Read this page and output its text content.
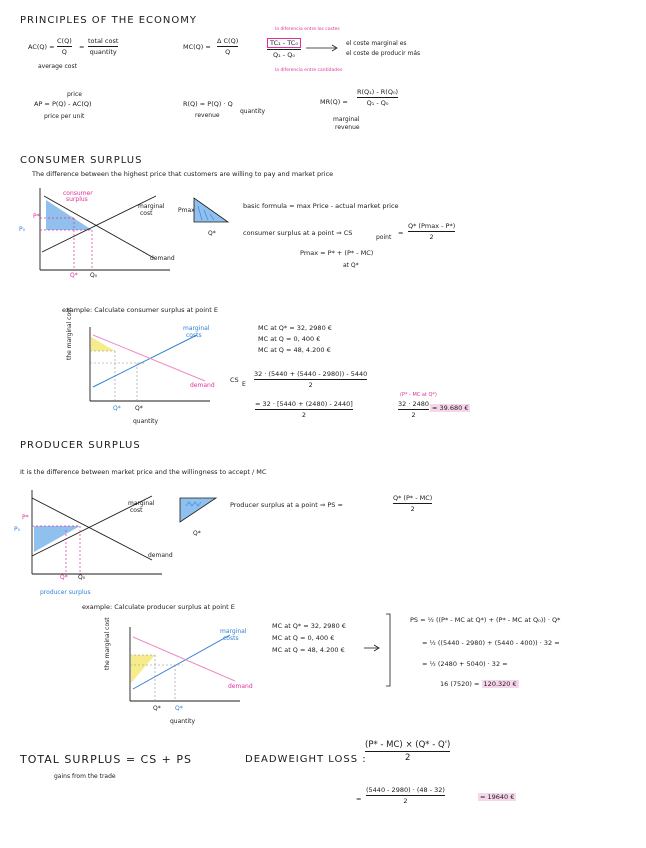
PRINCIPLES OF THE ECONOMY
AC(Q) =
C(Q)
Q
=
total cost
quantity
average cost
MC(Q) =
Δ C(Q)
Q
la diferencia entre los costes
$\frac{\text{TC₁ - TC₀}}{\text{Q₁ - Q₀}}$
la diferencia entre cantidades
el coste marginal es
el coste de producir más
price
AP = P(Q) - AC(Q)
price per unit
R(Q) = P(Q) · Q
revenue
quantity
MR(Q) =
R(Q₁) - R(Q₀)
Q₁ - Q₀
marginal
revenue
CONSUMER SURPLUS
The difference between the highest price that customers are willing to pay and market price
consumer
surplus
marginal
cost
demand
P*
P₀
Q* Q₀
Pmax
Q*
basic formula = max Price - actual market price
consumer surplus at a point ⇒ CS
point
=
Q* (Pmax - P*)
2
Pmax = P* + (P* - MC)
at Q*
example: Calculate consumer surplus at point E
the marginal cost	marginal
costs
demand
Q* Q*
quantity
MC at Q* = 32, 2980 €
MC at Q = 0, 400 €
MC at Q = 48, 4.200 €
CS
E
32 · (5440 + (5440 - 2980)) - 5440
2
(P* - MC at Q*)
= 32 · [5440 + (2480) - 2440]
2
32 · 2480
2
= 39.680 €
PRODUCER SURPLUS
It is the difference between market price and the willingness to accept / MC
marginal
cost
demand
P*
P₀
Q* Q₀
producer surplus
Q*
Producer surplus at a point ⇒ PS =
Q* (P* - MC)
2
example: Calculate producer surplus at point E
the marginal cost	marginal
costs
demand
Q* Q*
quantity
MC at Q* = 32, 2980 €
MC at Q = 0, 400 €
MC at Q = 48, 4.200 €
PS = ½ ((P* - MC at Q*) + (P* - MC at Q₀)) · Q*
= ½ ((5440 - 2980) + (5440 - 400)) · 32 =
= ½ (2480 + 5040) · 32 =
16 (7520) = 120.320 €
TOTAL SURPLUS = CS + PS
gains from the trade
DEADWEIGHT LOSS :
(P* - MC) × (Q* - Q')
2
=
(5440 - 2980) · (48 - 32)
2	= 19640 €
